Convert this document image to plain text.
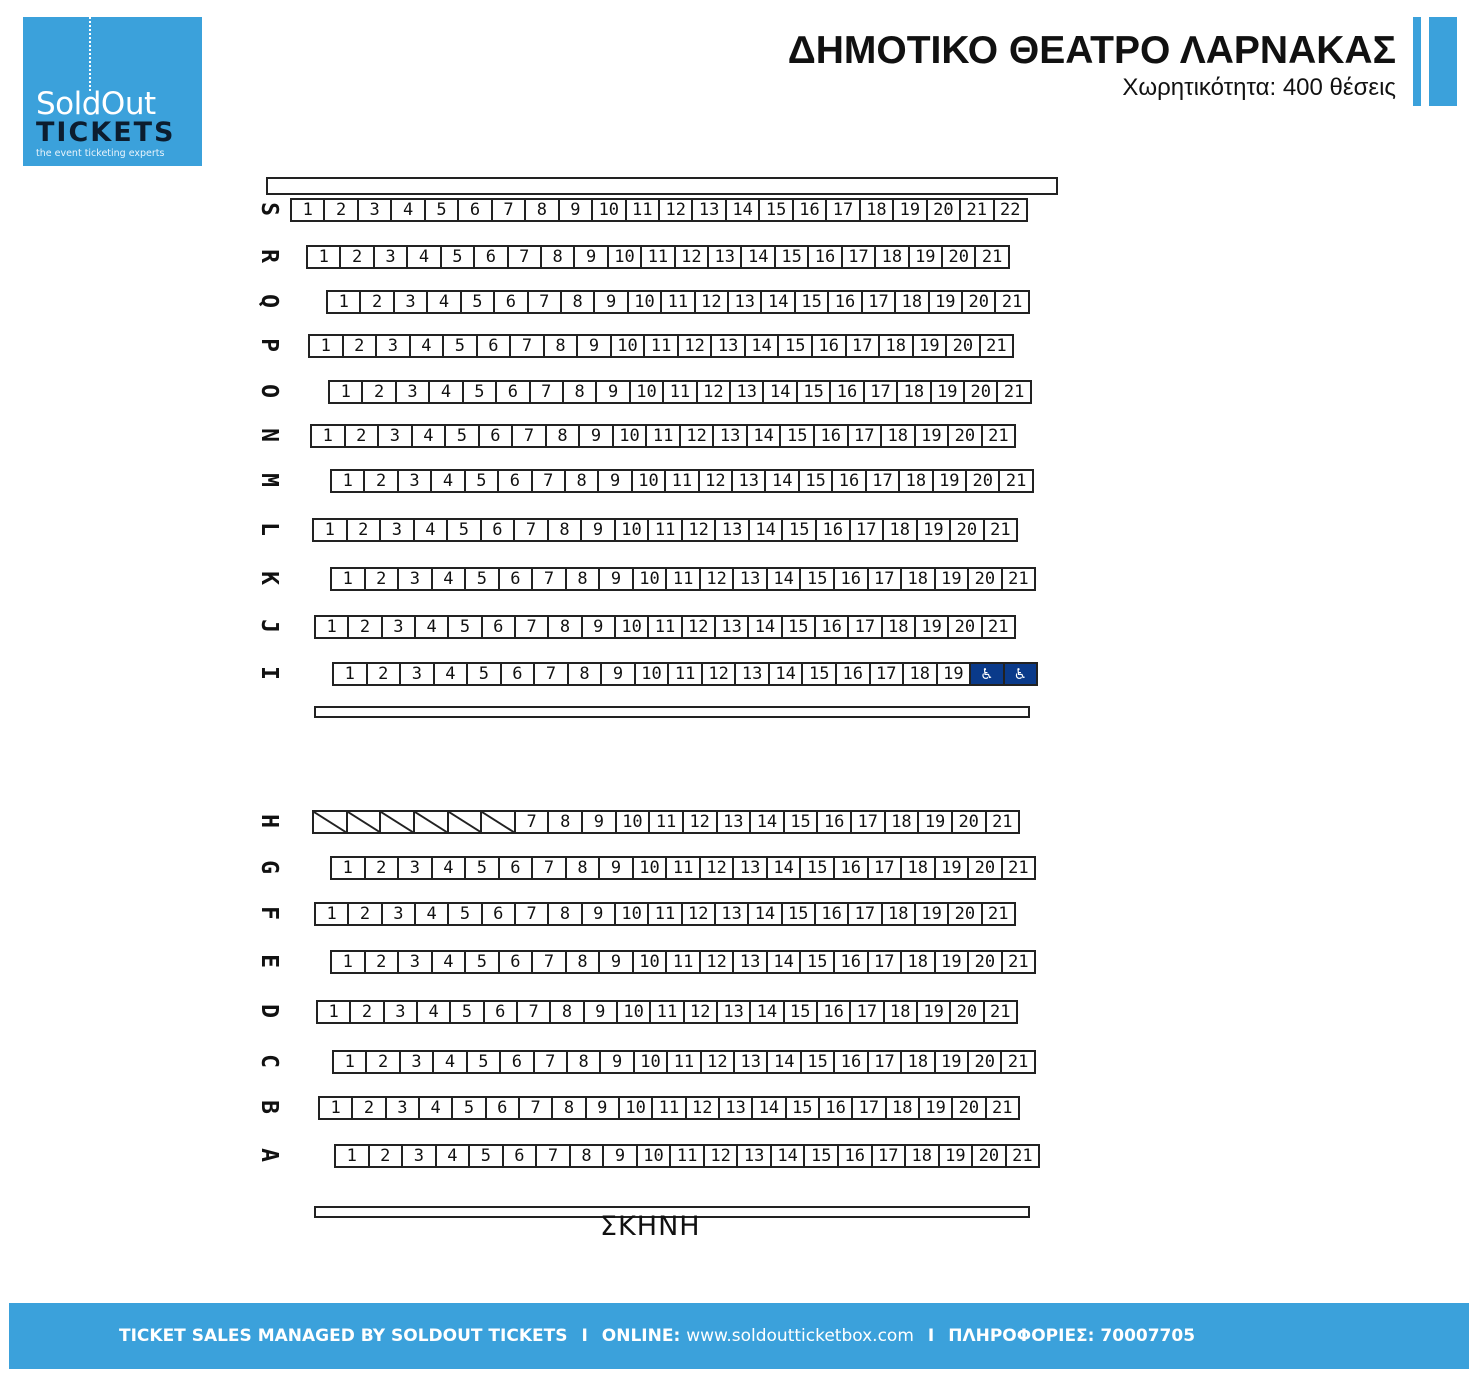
SoldOut
TICKETS
the event ticketing experts
ΔΗΜΟΤΙΚΟ ΘΕΑΤΡΟ ΛΑΡΝΑΚΑΣ
Χωρητικότητα: 400 θέσεις
ΣΚΗΝΗ
S	1	2	3	4	5	6	7	8	9	10 11 12 13 14 15 16 17 18 19 20 21 22
R	1	2	3	4	5	6	7	8	9	10 11 12 13 14 15 16 17 18 19 20 21
Q	1	2	3	4	5	6	7	8	9	10 11 12 13 14 15 16 17 18 19 20 21
P	1	2	3	4	5	6	7	8	9	10 11 12 13 14 15 16 17 18 19 20 21
O	1	2	3	4	5	6	7	8	9	10 11 12 13 14 15 16 17 18 19 20 21
N	1	2	3	4	5	6	7	8	9	10 11 12 13 14 15 16 17 18 19 20 21
M	1	2	3	4	5	6	7	8	9	10 11 12 13 14 15 16 17 18 19 20 21
L	1	2	3	4	5	6	7	8	9	10 11 12 13 14 15 16 17 18 19 20 21
K	1	2	3	4	5	6	7	8	9	10 11 12 13 14 15 16 17 18 19 20 21
J	1	2	3	4	5	6	7	8	9	10 11 12 13 14 15 16 17 18 19 20 21
I	1	2	3	4	5	6	7	8	9	10 11 12 13 14 15 16 17 18 19	♿	♿
H	7	8	9	10 11 12 13 14 15 16 17 18 19 20 21
G	1	2	3	4	5	6	7	8	9	10 11 12 13 14 15 16 17 18 19 20 21
F	1	2	3	4	5	6	7	8	9	10 11 12 13 14 15 16 17 18 19 20 21
E	1	2	3	4	5	6	7	8	9	10 11 12 13 14 15 16 17 18 19 20 21
D	1	2	3	4	5	6	7	8	9	10 11 12 13 14 15 16 17 18 19 20 21
C	1	2	3	4	5	6	7	8	9	10 11 12 13 14 15 16 17 18 19 20 21
B	1	2	3	4	5	6	7	8	9	10 11 12 13 14 15 16 17 18 19 20 21
A	1	2	3	4	5	6	7	8	9	10 11 12 13 14 15 16 17 18 19 20 21
TICKET SALES MANAGED BY SOLDOUT TICKETS I ONLINE:
www.soldoutticketbox.com I ΠΛΗΡΟΦΟΡΙΕΣ:
70007705
